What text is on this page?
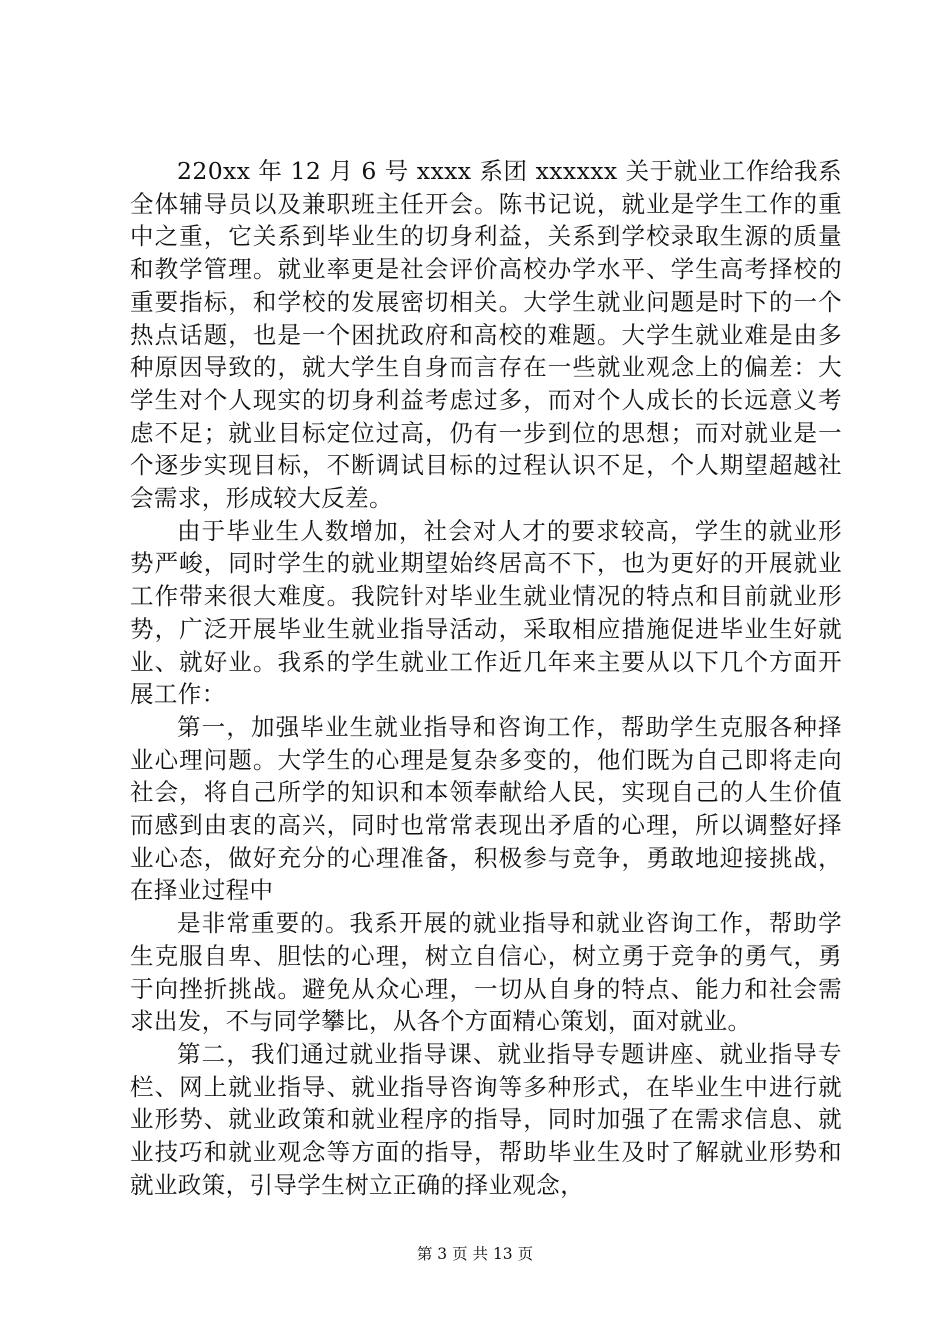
220xx 年 12 月 6 号 xxxx 系团 xxxxxx 关于就业工作给我系全体辅导员以及兼职班主任开会。陈书记说，就业是学生工作的重中之重，它关系到毕业生的切身利益，关系到学校录取生源的质量和教学管理。就业率更是社会评价高校办学水平、学生高考择校的重要指标，和学校的发展密切相关。大学生就业问题是时下的一个热点话题，也是一个困扰政府和高校的难题。大学生就业难是由多种原因导致的，就大学生自身而言存在一些就业观念上的偏差：大学生对个人现实的切身利益考虑过多，而对个人成长的长远意义考虑不足；就业目标定位过高，仍有一步到位的思想；而对就业是一个逐步实现目标，不断调试目标的过程认识不足，个人期望超越社会需求，形成较大反差。

由于毕业生人数增加，社会对人才的要求较高，学生的就业形势严峻，同时学生的就业期望始终居高不下，也为更好的开展就业工作带来很大难度。我院针对毕业生就业情况的特点和目前就业形势，广泛开展毕业生就业指导活动，采取相应措施促进毕业生好就业、就好业。我系的学生就业工作近几年来主要从以下几个方面开展工作：

第一，加强毕业生就业指导和咨询工作，帮助学生克服各种择业心理问题。大学生的心理是复杂多变的，他们既为自己即将走向社会，将自己所学的知识和本领奉献给人民，实现自己的人生价值而感到由衷的高兴，同时也常常表现出矛盾的心理，所以调整好择业心态，做好充分的心理准备，积极参与竞争，勇敢地迎接挑战，在择业过程中

是非常重要的。我系开展的就业指导和就业咨询工作，帮助学生克服自卑、胆怯的心理，树立自信心，树立勇于竞争的勇气，勇于向挫折挑战。避免从众心理，一切从自身的特点、能力和社会需求出发，不与同学攀比，从各个方面精心策划，面对就业。

第二，我们通过就业指导课、就业指导专题讲座、就业指导专栏、网上就业指导、就业指导咨询等多种形式，在毕业生中进行就业形势、就业政策和就业程序的指导，同时加强了在需求信息、就业技巧和就业观念等方面的指导，帮助毕业生及时了解就业形势和就业政策，引导学生树立正确的择业观念，

第 3 页 共 13 页
